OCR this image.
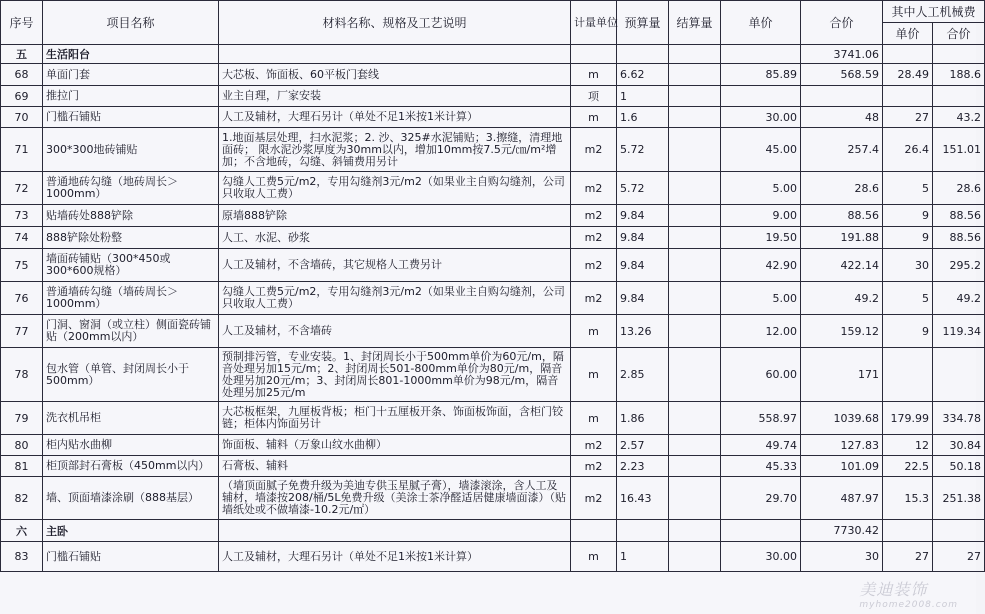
序号	项目名称	材料名称、规格及工艺说明	计量单位	预算量	结算量	单价	合价	其中人工机械费	
								单价	合价
五	生活阳台						3741.06		
68	单面门套	大芯板、饰面板、60平板门套线	m	6.62		85.89	568.59	28.49	188.6
69	推拉门	业主自理，厂家安装	项	1					
70	门槛石铺贴	人工及辅材，大理石另计（单处不足1米按1米计算）	m	1.6		30.00	48	27	43.2
71	300*300地砖铺贴	1.地面基层处理，扫水泥浆；2. 沙、325#水泥铺贴；3.擦缝，清理地面砖； 限水泥沙浆厚度为30mm以内，增加10mm按7.5元/㎝/m²增加；不含地砖，勾缝、斜铺费用另计	m2	5.72		45.00	257.4	26.4	151.01
72	普通地砖勾缝（地砖周长＞1000mm）	勾缝人工费5元/m2，专用勾缝剂3元/m2（如果业主自购勾缝剂，公司只收取人工费）	m2	5.72		5.00	28.6	5	28.6
73	贴墙砖处888铲除	原墙888铲除	m2	9.84		9.00	88.56	9	88.56
74	888铲除处粉整	人工、水泥、砂浆	m2	9.84		19.50	191.88	9	88.56
75	墙面砖铺贴（300*450或300*600规格）	人工及辅材，不含墙砖，其它规格人工费另计	m2	9.84		42.90	422.14	30	295.2
76	普通墙砖勾缝（墙砖周长＞1000mm）	勾缝人工费5元/m2，专用勾缝剂3元/m2（如果业主自购勾缝剂，公司只收取人工费）	m2	9.84		5.00	49.2	5	49.2
77	门洞、窗洞（或立柱）侧面瓷砖铺贴（200mm以内）	人工及辅材，不含墙砖	m	13.26		12.00	159.12	9	119.34
78	包水管（单管、封闭周长小于500mm）	预制排污管，专业安装。1、封闭周长小于500mm单价为60元/m，隔音处理另加15元/m；2、封闭周长501-800mm单价为80元/m，隔音处理另加20元/m；3、封闭周长801-1000mm单价为98元/m，隔音处理另加25元/m	m	2.85		60.00	171		
79	洗衣机吊柜	大芯板框架，九厘板背板；柜门十五厘板开条、饰面板饰面，含柜门铰链；柜体内饰面另计	m	1.86		558.97	1039.68	179.99	334.78
80	柜内贴水曲柳	饰面板、辅料（万象山纹水曲柳）	m2	2.57		49.74	127.83	12	30.84
81	柜顶部封石膏板（450mm以内）	石膏板、辅料	m2	2.23		45.33	101.09	22.5	50.18
82	墙、顶面墙漆涂刷（888基层）	（墙顶面腻子免费升级为美迪专供玉星腻子膏），墙漆滚涂，含人工及辅材，墙漆按208/桶/5L免费升级（美涂士茶净醛适居健康墙面漆）（贴墙纸处或不做墙漆-10.2元/㎡）	m2	16.43		29.70	487.97	15.3	251.38
六	主卧						7730.42		
83	门槛石铺贴	人工及辅材，大理石另计（单处不足1米按1米计算）	m	1		30.00	30	27	27
美迪装饰
myhome2008.com
